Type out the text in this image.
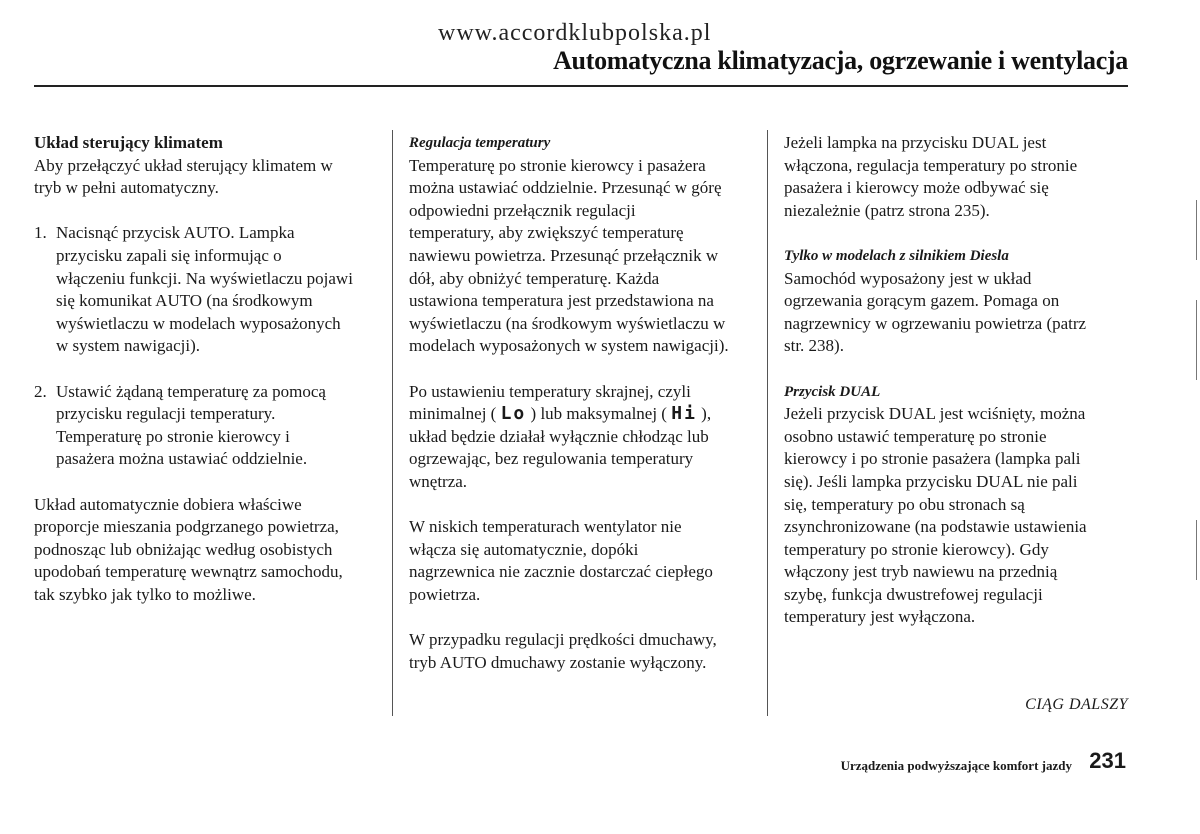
www.accordklubpolska.pl
Automatyczna klimatyzacja, ogrzewanie i wentylacja

Układ sterujący klimatem

Aby przełączyć układ sterujący klimatem w

tryb w pełni automatyczny.

1. Nacisnąć przycisk AUTO. Lampka

przycisku zapali się informując o

włączeniu funkcji. Na wyświetlaczu pojawi

się komunikat AUTO (na środkowym

wyświetlaczu w modelach wyposażonych

w system nawigacji).

2. Ustawić żądaną temperaturę za pomocą

przycisku regulacji temperatury.

Temperaturę po stronie kierowcy i

pasażera można ustawiać oddzielnie.

Układ automatycznie dobiera właściwe

proporcje mieszania podgrzanego powietrza,

podnosząc lub obniżając według osobistych

upodobań temperaturę wewnątrz samochodu,

tak szybko jak tylko to możliwe.

Regulacja temperatury

Temperaturę po stronie kierowcy i pasażera

można ustawiać oddzielnie. Przesunąć w górę

odpowiedni przełącznik regulacji

temperatury, aby zwiększyć temperaturę

nawiewu powietrza. Przesunąć przełącznik w

dół, aby obniżyć temperaturę. Każda

ustawiona temperatura jest przedstawiona na

wyświetlaczu (na środkowym wyświetlaczu w

modelach wyposażonych w system nawigacji).

Po ustawieniu temperatury skrajnej, czyli

minimalnej ( Lo ) lub maksymalnej ( Hi ),

układ będzie działał wyłącznie chłodząc lub

ogrzewając, bez regulowania temperatury

wnętrza.

W niskich temperaturach wentylator nie

włącza się automatycznie, dopóki

nagrzewnica nie zacznie dostarczać ciepłego

powietrza.

W przypadku regulacji prędkości dmuchawy,

tryb AUTO dmuchawy zostanie wyłączony.

Jeżeli lampka na przycisku DUAL jest

włączona, regulacja temperatury po stronie

pasażera i kierowcy może odbywać się

niezależnie (patrz strona 235).

Tylko w modelach z silnikiem Diesla

Samochód wyposażony jest w układ

ogrzewania gorącym gazem. Pomaga on

nagrzewnicy w ogrzewaniu powietrza (patrz

str. 238).

Przycisk DUAL

Jeżeli przycisk DUAL jest wciśnięty, można

osobno ustawić temperaturę po stronie

kierowcy i po stronie pasażera (lampka pali

się). Jeśli lampka przycisku DUAL nie pali

się, temperatury po obu stronach są

zsynchronizowane (na podstawie ustawienia

temperatury po stronie kierowcy). Gdy

włączony jest tryb nawiewu na przednią

szybę, funkcja dwustrefowej regulacji

temperatury jest wyłączona.

CIĄG DALSZY
Urządzenia podwyższające komfort jazdy 231
